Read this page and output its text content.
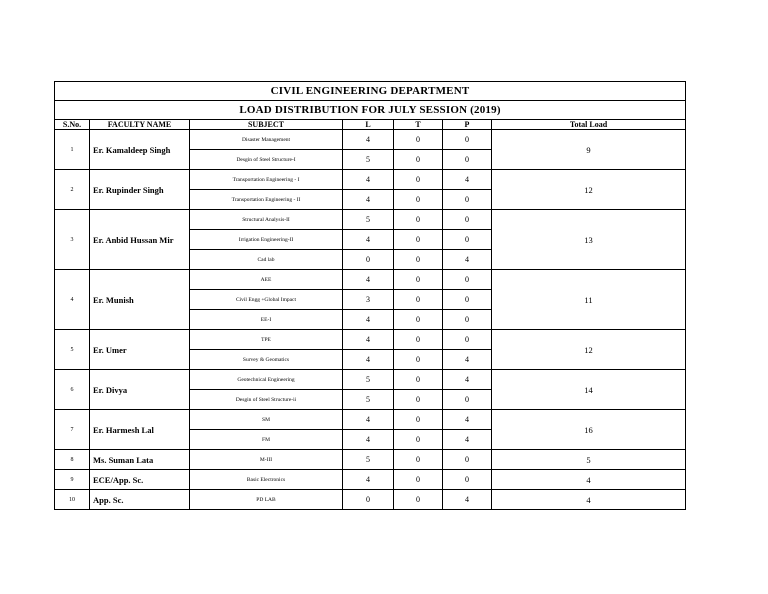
CIVIL ENGINEERING DEPARTMENT						
LOAD DISTRIBUTION FOR JULY SESSION (2019)						
S.No.	FACULTY NAME	SUBJECT	L	T	P	Total Load
1	Er. Kamaldeep Singh	Disaster Management	4	0	0	9
		Desgin of Steel Structure-I	5	0	0	
2	Er. Rupinder Singh	Transportation Engineering - I	4	0	4	12
		Transportation Engineering - II	4	0	0	
3	Er. Anbid Hussan Mir	Structural Analysis-II	5	0	0	13
		Irrigation Engineering-II	4	0	0	
		Cad lab	0	0	4	
4	Er. Munish	AEE	4	0	0	11
		Civil Engg +Global Impact	3	0	0	
		EE-I	4	0	0	
5	Er. Umer	TPE	4	0	0	12
		Survey & Geomatics	4	0	4	
6	Er. Divya	Geotechnical Engineering	5	0	4	14
		Desgin of Steel Structure-ii	5	0	0	
7	Er. Harmesh Lal	SM	4	0	4	16
		FM	4	0	4	
8	Ms. Suman Lata	M-III	5	0	0	5
9	ECE/App. Sc.	Basic Electronics	4	0	0	4
10	App. Sc.	PD LAB	0	0	4	4
